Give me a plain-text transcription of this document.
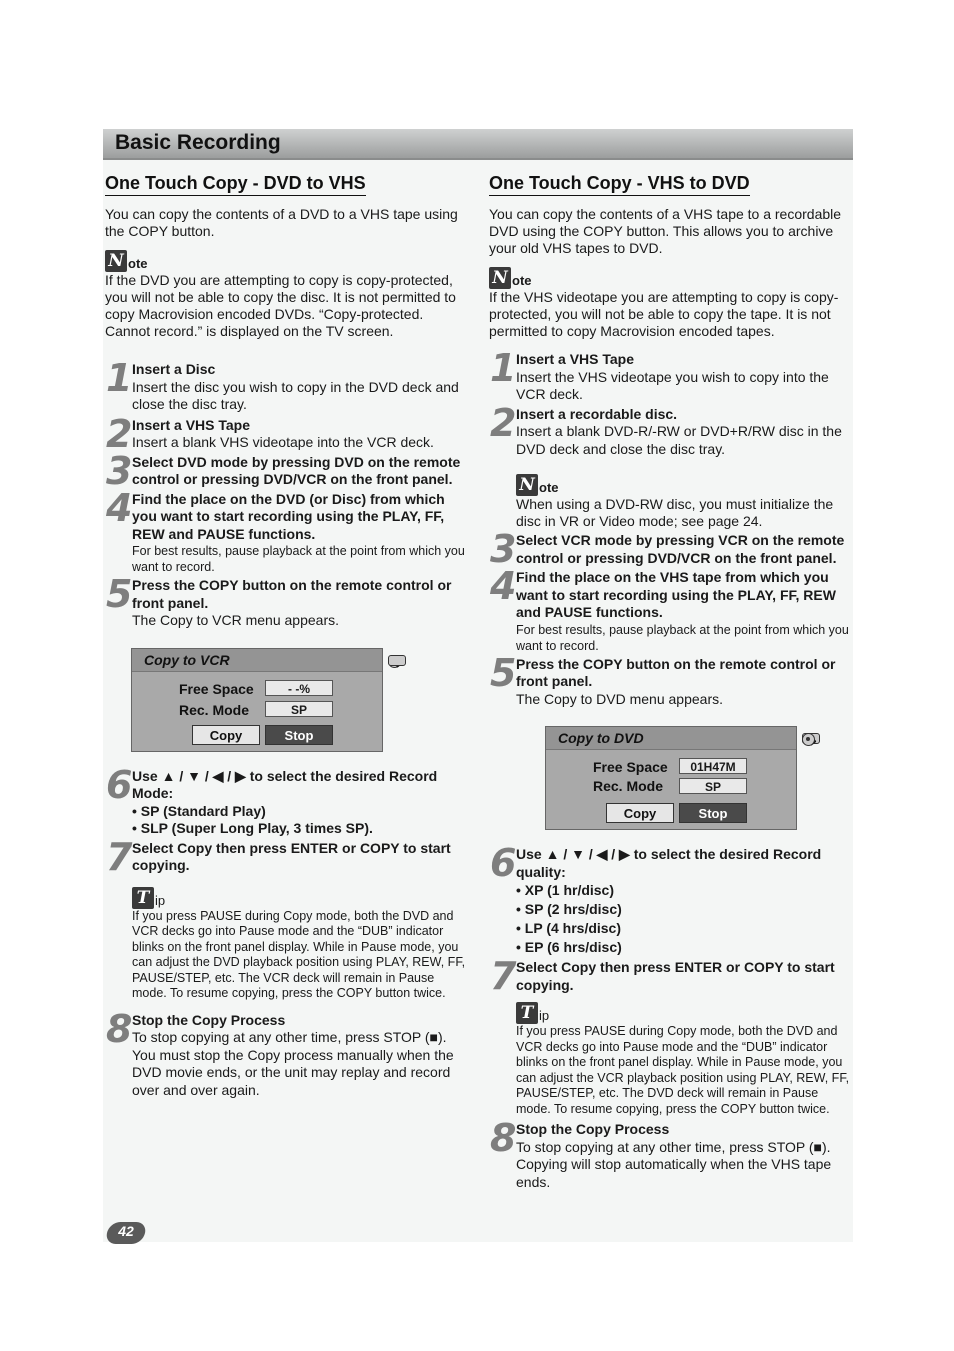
Basic Recording
One Touch Copy - DVD to VHS

You can copy the contents of a DVD to a VHS tape using the COPY button.

N ote

If the DVD you are attempting to copy is copy-protected, you will not be able to copy the disc. It is not permitted to copy Macrovision encoded DVDs. “Copy-protected. Cannot record.” is displayed on the TV screen.

1 Insert a Disc
Insert the disc you wish to copy in the DVD deck and close the disc tray.
2 Insert a VHS Tape
Insert a blank VHS videotape into the VCR deck.
3 Select DVD mode by pressing DVD on the remote control or pressing DVD/VCR on the front panel.
4 Find the place on the DVD (or Disc) from which you want to start recording using the PLAY, FF, REW and PAUSE functions.
For best results, pause playback at the point from which you want to record.
5 Press the COPY button on the remote control or front panel.
The Copy to VCR menu appears.
Copy to VCR
Free Space	- -%
Rec. Mode	SP
Copy	Stop
6 Use ▲ / ▼ / ◀ / ▶ to select the desired Record Mode:
• SP (Standard Play)
• SLP (Super Long Play, 3 times SP).
7 Select Copy then press ENTER or COPY to start copying.
T ip

If you press PAUSE during Copy mode, both the DVD and VCR decks go into Pause mode and the “DUB” indicator blinks on the front panel display. While in Pause mode, you can adjust the DVD playback position using PLAY, REW, FF, PAUSE/STEP, etc. The VCR deck will remain in Pause mode. To resume copying, press the COPY button twice.

8 Stop the Copy Process
To stop copying at any other time, press STOP (■). You must stop the Copy process manually when the DVD movie ends, or the unit may replay and record over and over again.
One Touch Copy - VHS to DVD

You can copy the contents of a VHS tape to a recordable DVD using the COPY button. This allows you to archive your old VHS tapes to DVD.

N ote

If the VHS videotape you are attempting to copy is copy-protected, you will not be able to copy the tape. It is not permitted to copy Macrovision encoded tapes.

1 Insert a VHS Tape
Insert the VHS videotape you wish to copy into the VCR deck.
2 Insert a recordable disc.
Insert a blank DVD-R/-RW or DVD+R/RW disc in the DVD deck and close the disc tray.
N ote

When using a DVD-RW disc, you must initialize the disc in VR or Video mode; see page 24.

3 Select VCR mode by pressing VCR on the remote control or pressing DVD/VCR on the front panel.
4 Find the place on the VHS tape from which you want to start recording using the PLAY, FF, REW and PAUSE functions.
For best results, pause playback at the point from which you want to record.
5 Press the COPY button on the remote control or front panel.
The Copy to DVD menu appears.
Copy to DVD
Free Space	01H47M
Rec. Mode	SP
Copy	Stop
6 Use ▲ / ▼ / ◀ / ▶ to select the desired Record quality:
• XP (1 hr/disc)
• SP (2 hrs/disc)
• LP (4 hrs/disc)
• EP (6 hrs/disc)
7 Select Copy then press ENTER or COPY to start copying.
T ip

If you press PAUSE during Copy mode, both the DVD and VCR decks go into Pause mode and the “DUB” indicator blinks on the front panel display. While in Pause mode, you can adjust the VCR playback position using PLAY, REW, FF, PAUSE/STEP, etc. The DVD deck will remain in Pause mode. To resume copying, press the COPY button twice.

8 Stop the Copy Process
To stop copying at any other time, press STOP (■). Copying will stop automatically when the VHS tape ends.
42
